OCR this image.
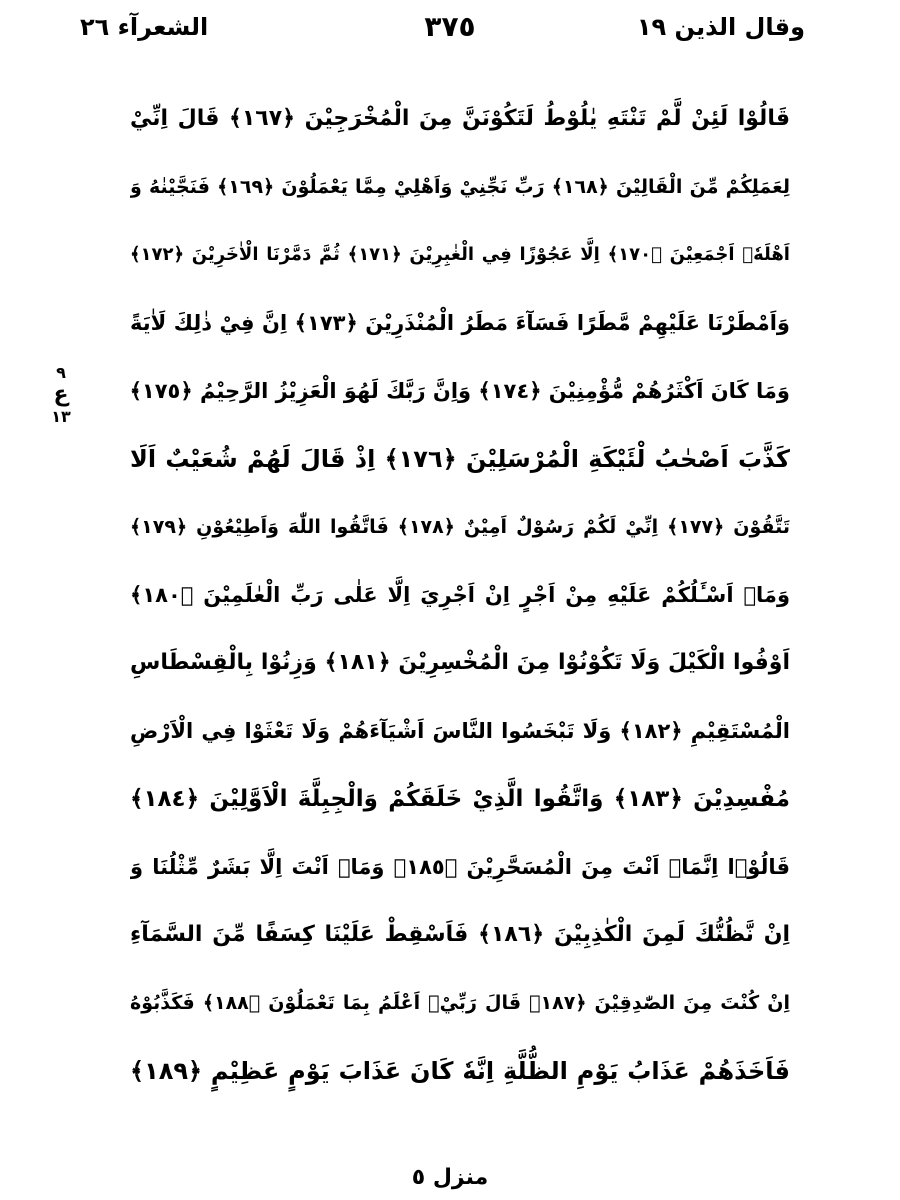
الشعرآء ٢٦	٣٧٥	وقال الذين ١٩
٩
ع
١٣
قَالُوْا لَئِنْ لَّمْ تَنْتَهِ يٰلُوْطُ لَتَكُوْنَنَّ مِنَ الْمُخْرَجِيْنَ ﴿١٦٧﴾ قَالَ اِنِّيْ
لِعَمَلِكُمْ مِّنَ الْقَالِيْنَ ﴿١٦٨﴾ رَبِّ نَجِّنِيْ وَاَهْلِيْ مِمَّا يَعْمَلُوْنَ ﴿١٦٩﴾ فَنَجَّيْنٰهُ وَ
اَهْلَهٗۤ اَجْمَعِيْنَ ﴿١٧٠﴾ اِلَّا عَجُوْزًا فِي الْغٰبِرِيْنَ ﴿١٧١﴾ ثُمَّ دَمَّرْنَا الْاٰخَرِيْنَ ﴿١٧٢﴾
وَاَمْطَرْنَا عَلَيْهِمْ مَّطَرًا فَسَآءَ مَطَرُ الْمُنْذَرِيْنَ ﴿١٧٣﴾ اِنَّ فِيْ ذٰلِكَ لَاٰيَةً
وَمَا كَانَ اَكْثَرُهُمْ مُّؤْمِنِيْنَ ﴿١٧٤﴾ وَاِنَّ رَبَّكَ لَهُوَ الْعَزِيْزُ الرَّحِيْمُ ﴿١٧٥﴾
كَذَّبَ اَصْحٰبُ لْئَيْكَةِ الْمُرْسَلِيْنَ ﴿١٧٦﴾ اِذْ قَالَ لَهُمْ شُعَيْبٌ اَلَا
تَتَّقُوْنَ ﴿١٧٧﴾ اِنِّيْ لَكُمْ رَسُوْلٌ اَمِيْنٌ ﴿١٧٨﴾ فَاتَّقُوا اللّٰهَ وَاَطِيْعُوْنِ ﴿١٧٩﴾
وَمَاۤ اَسْـَٔلُكُمْ عَلَيْهِ مِنْ اَجْرٍ اِنْ اَجْرِيَ اِلَّا عَلٰى رَبِّ الْعٰلَمِيْنَ ﴿١٨٠﴾
اَوْفُوا الْكَيْلَ وَلَا تَكُوْنُوْا مِنَ الْمُخْسِرِيْنَ ﴿١٨١﴾ وَزِنُوْا بِالْقِسْطَاسِ
الْمُسْتَقِيْمِ ﴿١٨٢﴾ وَلَا تَبْخَسُوا النَّاسَ اَشْيَآءَهُمْ وَلَا تَعْثَوْا فِي الْاَرْضِ
مُفْسِدِيْنَ ﴿١٨٣﴾ وَاتَّقُوا الَّذِيْ خَلَقَكُمْ وَالْجِبِلَّةَ الْاَوَّلِيْنَ ﴿١٨٤﴾
قَالُوْۤا اِنَّمَاۤ اَنْتَ مِنَ الْمُسَحَّرِيْنَ ﴿١٨٥﴾ وَمَاۤ اَنْتَ اِلَّا بَشَرٌ مِّثْلُنَا وَ
اِنْ نَّظُنُّكَ لَمِنَ الْكٰذِبِيْنَ ﴿١٨٦﴾ فَاَسْقِطْ عَلَيْنَا كِسَفًا مِّنَ السَّمَآءِ
اِنْ كُنْتَ مِنَ الصّٰدِقِيْنَ ﴿١٨٧﴾ قَالَ رَبِّيْۤ اَعْلَمُ بِمَا تَعْمَلُوْنَ ﴿١٨٨﴾ فَكَذَّبُوْهُ
فَاَخَذَهُمْ عَذَابُ يَوْمِ الظُّلَّةِ اِنَّهٗ كَانَ عَذَابَ يَوْمٍ عَظِيْمٍ ﴿١٨٩﴾
منزل ٥
